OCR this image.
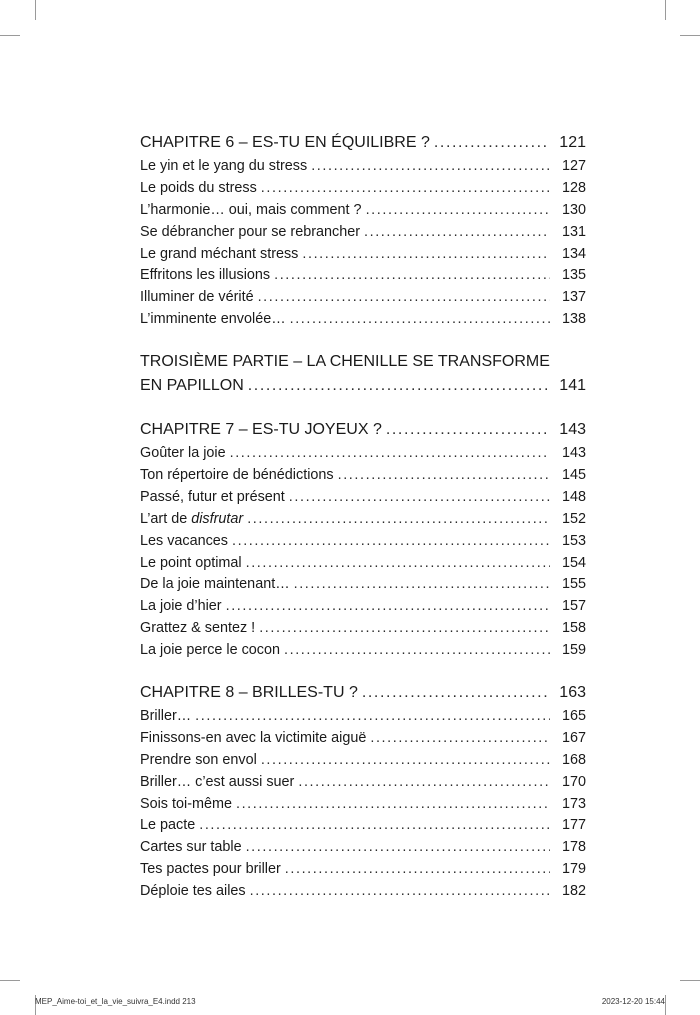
CHAPITRE 6 – ES-TU EN ÉQUILIBRE ? .....	121
Le yin et le yang du stress .....	127
Le poids du stress .....	128
L’harmonie… oui, mais comment ? .....	130
Se débrancher pour se rebrancher .....	131
Le grand méchant stress .....	134
Effritons les illusions .....	135
Illuminer de vérité .....	137
L’imminente envolée… .....	138
TROISIÈME PARTIE – LA CHENILLE SE TRANSFORME
EN PAPILLON .....	141
CHAPITRE 7 – ES-TU JOYEUX ? .....	143
Goûter la joie .....	143
Ton répertoire de bénédictions .....	145
Passé, futur et présent .....	148
L’art de disfrutar .....	152
Les vacances .....	153
Le point optimal .....	154
De la joie maintenant… .....	155
La joie d’hier .....	157
Grattez & sentez ! .....	158
La joie perce le cocon .....	159
CHAPITRE 8 – BRILLES-TU ? .....	163
Briller… .....	165
Finissons-en avec la victimite aiguë .....	167
Prendre son envol .....	168
Briller… c’est aussi suer .....	170
Sois toi-même .....	173
Le pacte .....	177
Cartes sur table .....	178
Tes pactes pour briller .....	179
Déploie tes ailes .....	182
MEP_Aime-toi_et_la_vie_suivra_E4.indd 213	2023-12-20 15:44
